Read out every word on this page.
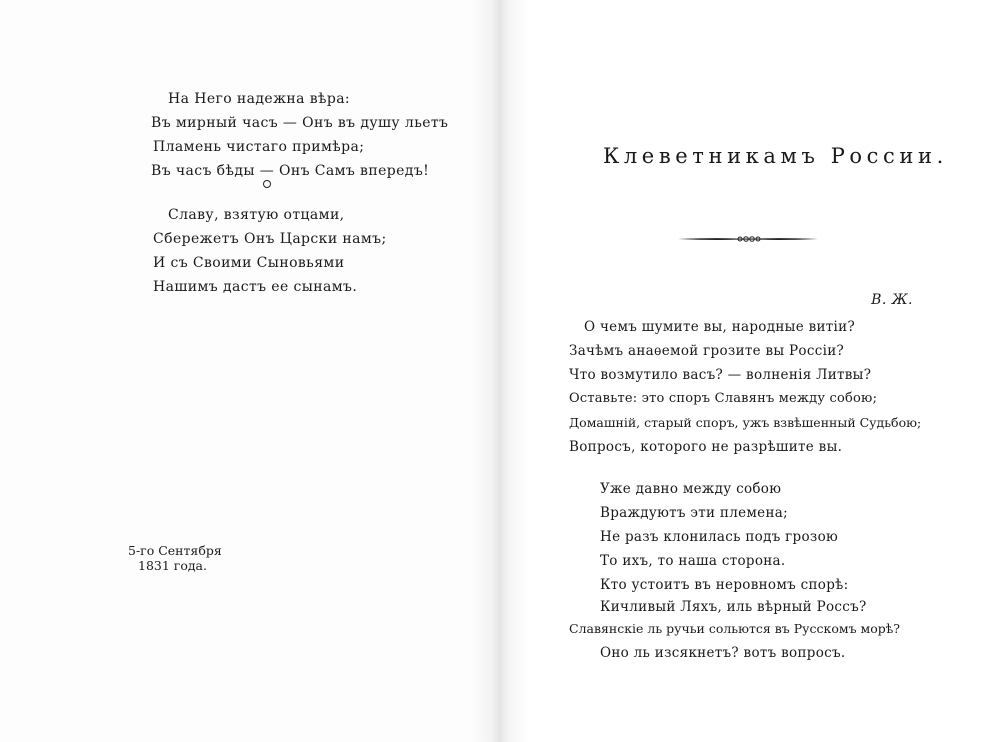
На Него надежна вѣра:
Въ мирный часъ — Онъ въ душу льетъ
Пламень чистаго примѣра;
Въ часъ бѣды — Онъ Самъ впередъ!
Славу, взятую отцами,
Сбережетъ Онъ Царски намъ;
И съ Своими Сыновьями
Нашимъ дастъ ее сынамъ.
В. Ж.
5-го Сентября
1831 года.
Клеветникамъ России.
О чемъ шумите вы, народные витіи?
Зачѣмъ анаѳемой грозите вы Россіи?
Что возмутило васъ? — волненія Литвы?
Оставьте: это споръ Славянъ между собою;
Домашній, старый споръ, ужъ взвѣшенный Судьбою;
Вопросъ, которого не разрѣшите вы.
Уже давно между собою
Враждуютъ эти племена;
Не разъ клонилась подъ грозою
То ихъ, то наша сторона.
Кто устоитъ въ неровномъ спорѣ:
Кичливый Ляхъ, иль вѣрный Россъ?
Славянскіе ль ручьи сольются въ Русскомъ морѣ?
Оно ль изсякнетъ? вотъ вопросъ.
